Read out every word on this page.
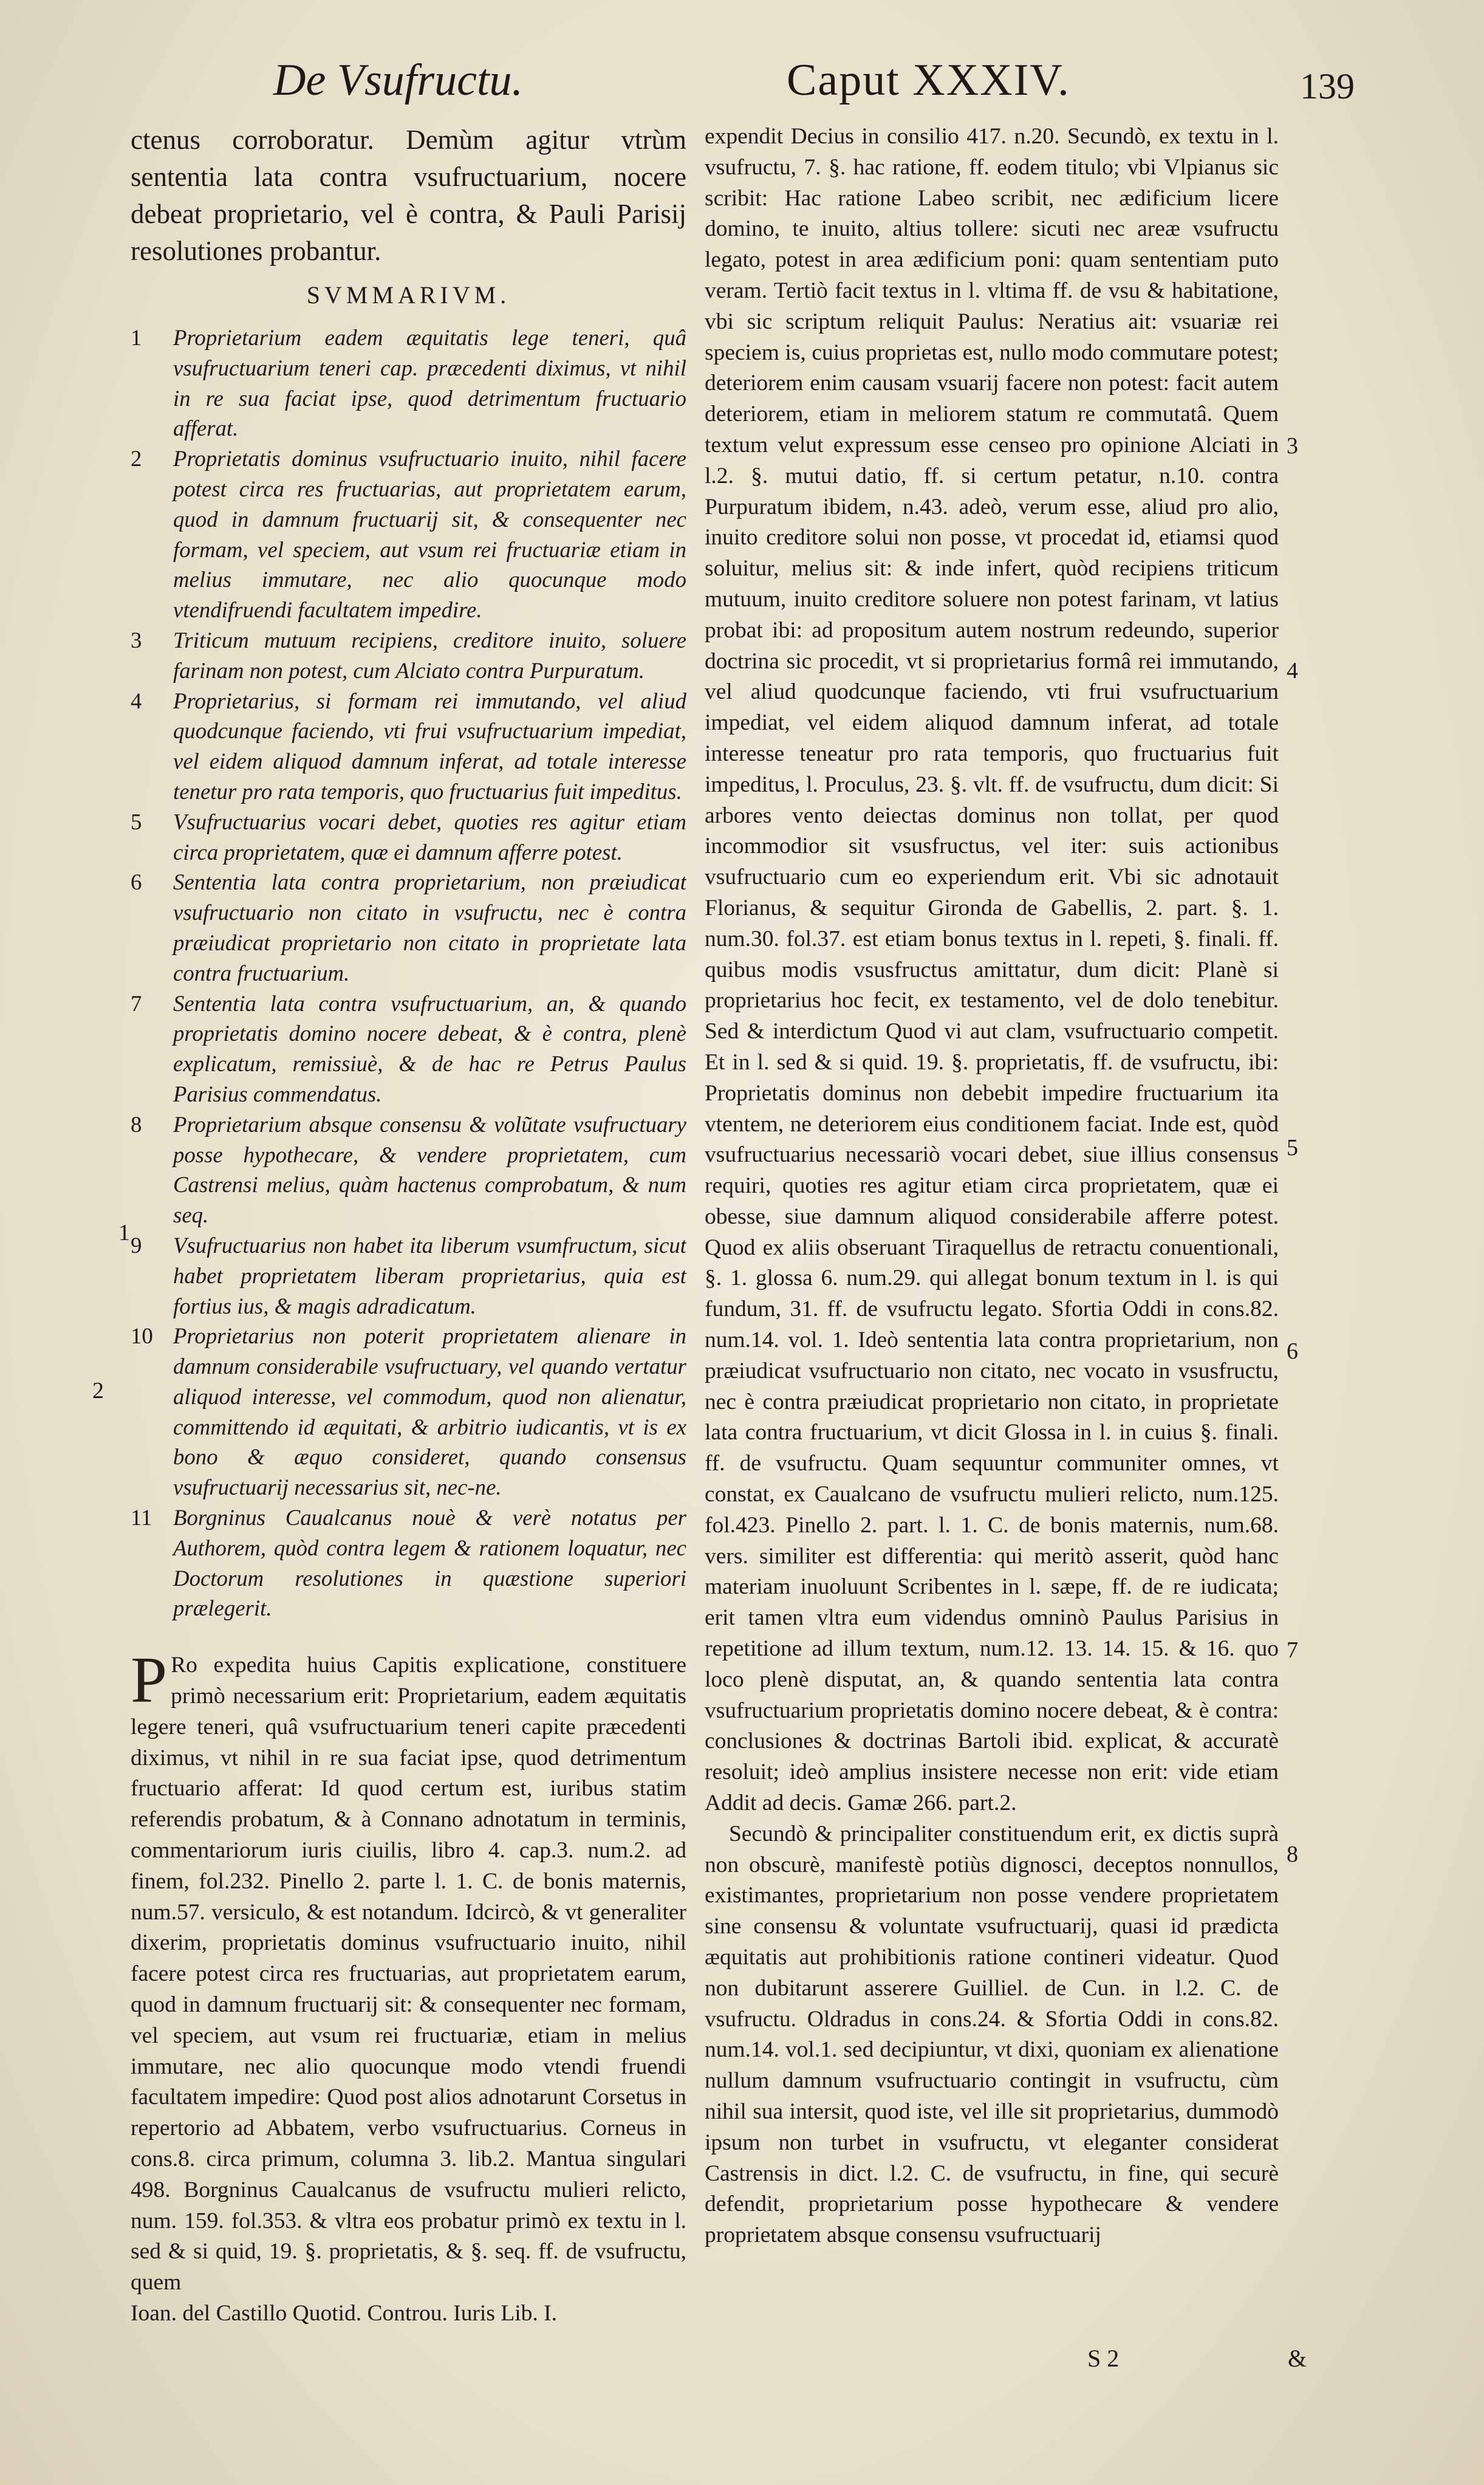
De Vsufructu.	Caput XXXIV.	139

ctenus corroboratur. Demùm agitur vtrùm sententia lata contra vsufructuarium, nocere debeat proprietario, vel è contra, & Pauli Parisij resolutiones probantur.

SVMMARIVM.
1	Proprietarium eadem æquitatis lege teneri, quâ vsufructuarium teneri cap. præcedenti diximus, vt nihil in re sua faciat ipse, quod detrimentum fructuario afferat.
2	Proprietatis dominus vsufructuario inuito, nihil facere potest circa res fructuarias, aut proprietatem earum, quod in damnum fructuarij sit, & consequenter nec formam, vel speciem, aut vsum rei fructuariæ etiam in melius immutare, nec alio quocunque modo vtendifruendi facultatem impedire.
3	Triticum mutuum recipiens, creditore inuito, soluere farinam non potest, cum Alciato contra Purpuratum.
4	Proprietarius, si formam rei immutando, vel aliud quodcunque faciendo, vti frui vsufructuarium impediat, vel eidem aliquod damnum inferat, ad totale interesse tenetur pro rata temporis, quo fructuarius fuit impeditus.
5	Vsufructuarius vocari debet, quoties res agitur etiam circa proprietatem, quæ ei damnum afferre potest.
6	Sententia lata contra proprietarium, non præiudicat vsufructuario non citato in vsufructu, nec è contra præiudicat proprietario non citato in proprietate lata contra fructuarium.
7	Sententia lata contra vsufructuarium, an, & quando proprietatis domino nocere debeat, & è contra, plenè explicatum, remissiuè, & de hac re Petrus Paulus Parisius commendatus.
8	Proprietarium absque consensu & volũtate vsufructuary posse hypothecare, & vendere proprietatem, cum Castrensi melius, quàm hactenus comprobatum, & num seq.
9	Vsufructuarius non habet ita liberum vsumfructum, sicut habet proprietatem liberam proprietarius, quia est fortius ius, & magis adradicatum.
10 Proprietarius non poterit proprietatem alienare in damnum considerabile vsufructuary, vel quando vertatur aliquod interesse, vel commodum, quod non alienatur, committendo id æquitati, & arbitrio iudicantis, vt is ex bono & æquo consideret, quando consensus vsufructuarij necessarius sit, nec-ne.
11 Borgninus Caualcanus nouè & verè notatus per Authorem, quòd contra legem & rationem loquatur, nec Doctorum resolutiones in quæstione superiori prælegerit.

P Ro expedita huius Capitis explicatione, constituere primò necessarium erit: Proprietarium, eadem æquitatis legere teneri, quâ vsufructuarium teneri capite præcedenti diximus, vt nihil in re sua faciat ipse, quod detrimentum fructuario afferat: Id quod certum est, iuribus statim referendis probatum, & à Connano adnotatum in terminis, commentariorum iuris ciuilis, libro 4. cap.3. num.2. ad finem, fol.232. Pinello 2. parte l. 1. C. de bonis maternis, num.57. versiculo, & est notandum. Idcircò, & vt generaliter dixerim, proprietatis dominus vsufructuario inuito, nihil facere potest circa res fructuarias, aut proprietatem earum, quod in damnum fructuarij sit: & consequenter nec formam, vel speciem, aut vsum rei fructuariæ, etiam in melius immutare, nec alio quocunque modo vtendi fruendi facultatem impedire: Quod post alios adnotarunt Corsetus in repertorio ad Abbatem, verbo vsufructuarius. Corneus in cons.8. circa primum, columna 3. lib.2. Mantua singulari 498. Borgninus Caualcanus de vsufructu mulieri relicto, num. 159. fol.353. & vltra eos probatur primò ex textu in l. sed & si quid, 19. §. proprietatis, & §. seq. ff. de vsufructu, quem

Ioan. del Castillo Quotid. Controu. Iuris Lib. I.

expendit Decius in consilio 417. n.20. Secundò, ex textu in l. vsufructu, 7. §. hac ratione, ff. eodem titulo; vbi Vlpianus sic scribit: Hac ratione Labeo scribit, nec ædificium licere domino, te inuito, altius tollere: sicuti nec areæ vsufructu legato, potest in area ædificium poni: quam sententiam puto veram. Tertiò facit textus in l. vltima ff. de vsu & habitatione, vbi sic scriptum reliquit Paulus: Neratius ait: vsuariæ rei speciem is, cuius proprietas est, nullo modo commutare potest; deteriorem enim causam vsuarij facere non potest: facit autem deteriorem, etiam in meliorem statum re commutatâ. Quem textum velut expressum esse censeo pro opinione Alciati in l.2. §. mutui datio, ff. si certum petatur, n.10. contra Purpuratum ibidem, n.43. adeò, verum esse, aliud pro alio, inuito creditore solui non posse, vt procedat id, etiamsi quod soluitur, melius sit: & inde infert, quòd recipiens triticum mutuum, inuito creditore soluere non potest farinam, vt latius probat ibi: ad propositum autem nostrum redeundo, superior doctrina sic procedit, vt si proprietarius formâ rei immutando, vel aliud quodcunque faciendo, vti frui vsufructuarium impediat, vel eidem aliquod damnum inferat, ad totale interesse teneatur pro rata temporis, quo fructuarius fuit impeditus, l. Proculus, 23. §. vlt. ff. de vsufructu, dum dicit: Si arbores vento deiectas dominus non tollat, per quod incommodior sit vsusfructus, vel iter: suis actionibus vsufructuario cum eo experiendum erit. Vbi sic adnotauit Florianus, & sequitur Gironda de Gabellis, 2. part. §. 1. num.30. fol.37. est etiam bonus textus in l. repeti, §. finali. ff. quibus modis vsusfructus amittatur, dum dicit: Planè si proprietarius hoc fecit, ex testamento, vel de dolo tenebitur. Sed & interdictum Quod vi aut clam, vsufructuario competit. Et in l. sed & si quid. 19. §. proprietatis, ff. de vsufructu, ibi: Proprietatis dominus non debebit impedire fructuarium ita vtentem, ne deteriorem eius conditionem faciat. Inde est, quòd vsufructuarius necessariò vocari debet, siue illius consensus requiri, quoties res agitur etiam circa proprietatem, quæ ei obesse, siue damnum aliquod considerabile afferre potest. Quod ex aliis obseruant Tiraquellus de retractu conuentionali, §. 1. glossa 6. num.29. qui allegat bonum textum in l. is qui fundum, 31. ff. de vsufructu legato. Sfortia Oddi in cons.82. num.14. vol. 1. Ideò sententia lata contra proprietarium, non præiudicat vsufructuario non citato, nec vocato in vsusfructu, nec è contra præiudicat proprietario non citato, in proprietate lata contra fructuarium, vt dicit Glossa in l. in cuius §. finali. ff. de vsufructu. Quam sequuntur communiter omnes, vt constat, ex Caualcano de vsufructu mulieri relicto, num.125. fol.423. Pinello 2. part. l. 1. C. de bonis maternis, num.68. vers. similiter est differentia: qui meritò asserit, quòd hanc materiam inuoluunt Scribentes in l. sæpe, ff. de re iudicata; erit tamen vltra eum videndus omninò Paulus Parisius in repetitione ad illum textum, num.12. 13. 14. 15. & 16. quo loco plenè disputat, an, & quando sententia lata contra vsufructuarium proprietatis domino nocere debeat, & è contra: conclusiones & doctrinas Bartoli ibid. explicat, & accuratè resoluit; ideò amplius insistere necesse non erit: vide etiam Addit ad decis. Gamæ 266. part.2.

Secundò & principaliter constituendum erit, ex dictis suprà non obscurè, manifestè potiùs dignosci, deceptos nonnullos, existimantes, proprietarium non posse vendere proprietatem sine consensu & voluntate vsufructuarij, quasi id prædicta æquitatis aut prohibitionis ratione contineri videatur. Quod non dubitarunt asserere Guilliel. de Cun. in l.2. C. de vsufructu. Oldradus in cons.24. & Sfortia Oddi in cons.82. num.14. vol.1. sed decipiuntur, vt dixi, quoniam ex alienatione nullum damnum vsufructuario contingit in vsufructu, cùm nihil sua intersit, quod iste, vel ille sit proprietarius, dummodò ipsum non turbet in vsufructu, vt eleganter considerat Castrensis in dict. l.2. C. de vsufructu, in fine, qui securè defendit, proprietarium posse hypothecare & vendere proprietatem absque consensu vsufructuarij

1
2
3
4
5
6
7
8
S 2	&
